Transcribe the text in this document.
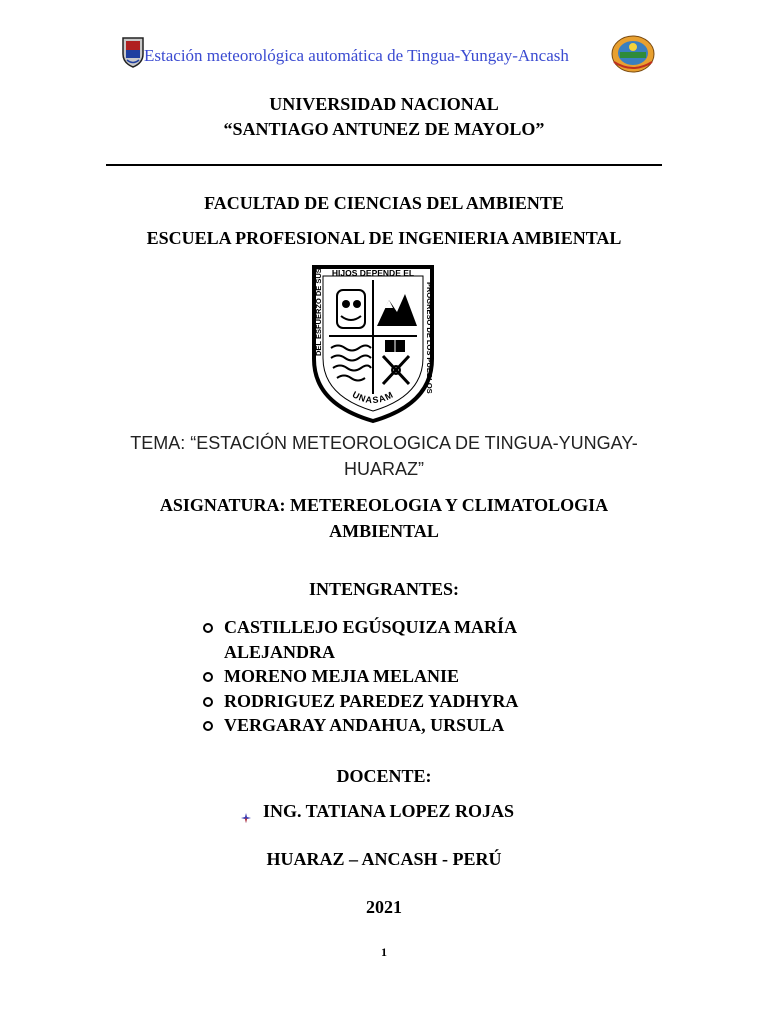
Estación meteorológica automática de Tingua-Yungay-Ancash
UNIVERSIDAD NACIONAL
“SANTIAGO ANTUNEZ DE MAYOLO”
FACULTAD DE CIENCIAS DEL AMBIENTE
ESCUELA PROFESIONAL DE INGENIERIA AMBIENTAL
HIJOS DEPENDE EL
DEL ESFUERZO DE SUS	PROGRESO DE LOS PUEBLOS
UNASAM
TEMA: “ESTACIÓN METEOROLOGICA DE TINGUA-YUNGAY-
HUARAZ”
ASIGNATURA: METEREOLOGIA Y CLIMATOLOGIA
AMBIENTAL
INTENGRANTES:
CASTILLEJO EGÚSQUIZA MARÍA
ALEJANDRA
MORENO MEJIA MELANIE
RODRIGUEZ PAREDEZ YADHYRA
VERGARAY ANDAHUA, URSULA
DOCENTE:
ING. TATIANA LOPEZ ROJAS
HUARAZ – ANCASH - PERÚ
2021
1
